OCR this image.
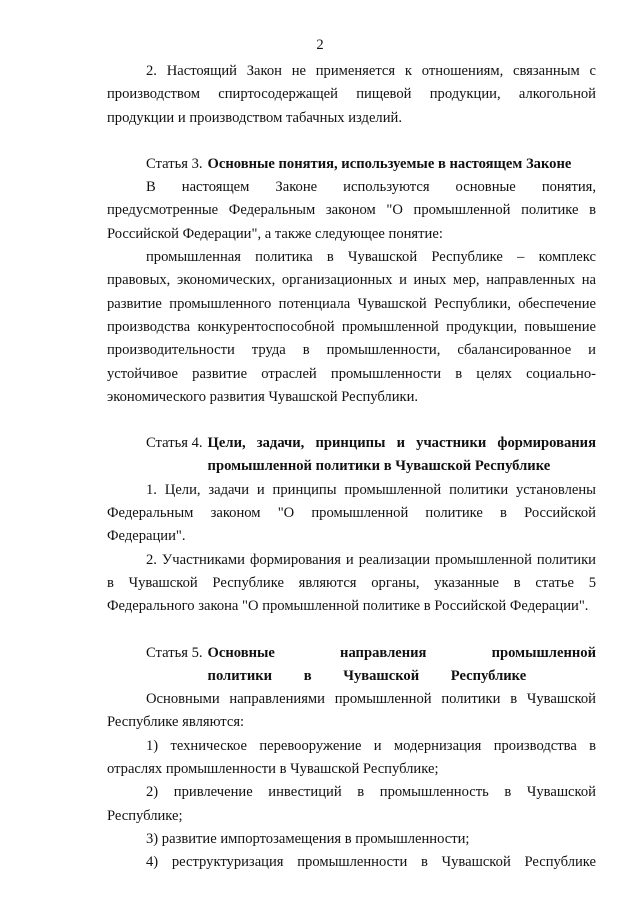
2

2. Настоящий Закон не применяется к отношениям, связанным с производством спиртосодержащей пищевой продукции, алкогольной продукции и производством табачных изделий.

Статья 3. Основные понятия, используемые в настоящем Законе

В настоящем Законе используются основные понятия, предусмотренные Федеральным законом "О промышленной политике в Российской Федерации", а также следующее понятие:

промышленная политика в Чувашской Республике – комплекс правовых, экономических, организационных и иных мер, направленных на развитие промышленного потенциала Чувашской Республики, обеспечение производства конкурентоспособной промышленной продукции, повышение производительности труда в промышленности, сбалансированное и устойчивое развитие отраслей промышленности в целях социально-экономического развития Чувашской Республики.

Статья 4. Цели, задачи, принципы и участники формирования промышленной политики в Чувашской Республике

1. Цели, задачи и принципы промышленной политики установлены Федеральным законом "О промышленной политике в Российской Федерации".

2. Участниками формирования и реализации промышленной политики в Чувашской Республике являются органы, указанные в статье 5 Федерального закона "О промышленной политике в Российской Федерации".

Статья 5. Основные направления промышленной политики в Чувашской Республике

Основными направлениями промышленной политики в Чувашской Республике являются:

1) техническое перевооружение и модернизация производства в отраслях промышленности в Чувашской Республике;

2) привлечение инвестиций в промышленность в Чувашской Республике;

3) развитие импортозамещения в промышленности;

4) реструктуризация промышленности в Чувашской Республике
